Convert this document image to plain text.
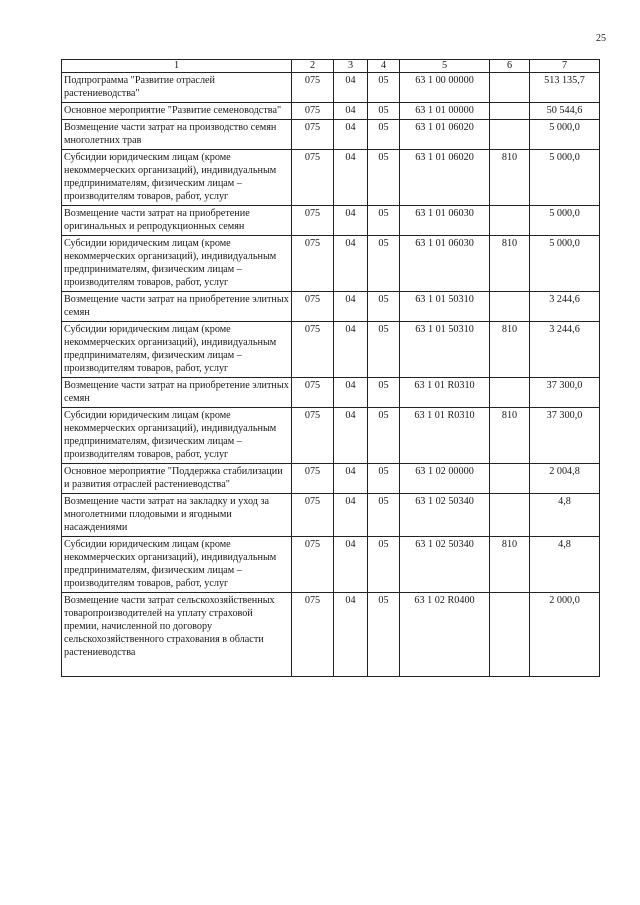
25
1	2	3	4	5	6	7
Подпрограмма "Развитие отраслей растениеводства"	075	04	05	63 1 00 00000		513 135,7
Основное мероприятие "Развитие семеноводства"	075	04	05	63 1 01 00000		50 544,6
Возмещение части затрат на производство семян многолетних трав	075	04	05	63 1 01 06020		5 000,0
Субсидии юридическим лицам (кроме некоммерческих организаций), индивидуальным предпринимателям, физическим лицам – производителям товаров, работ, услуг	075	04	05	63 1 01 06020	810	5 000,0
Возмещение части затрат на приобретение оригинальных и репродукционных семян	075	04	05	63 1 01 06030		5 000,0
Субсидии юридическим лицам (кроме некоммерческих организаций), индивидуальным предпринимателям, физическим лицам – производителям товаров, работ, услуг	075	04	05	63 1 01 06030	810	5 000,0
Возмещение части затрат на приобретение элитных семян	075	04	05	63 1 01 50310		3 244,6
Субсидии юридическим лицам (кроме некоммерческих организаций), индивидуальным предпринимателям, физическим лицам – производителям товаров, работ, услуг	075	04	05	63 1 01 50310	810	3 244,6
Возмещение части затрат на приобретение элитных семян	075	04	05	63 1 01 R0310		37 300,0
Субсидии юридическим лицам (кроме некоммерческих организаций), индивидуальным предпринимателям, физическим лицам – производителям товаров, работ, услуг	075	04	05	63 1 01 R0310	810	37 300,0
Основное мероприятие "Поддержка стабилизации и развития отраслей растениеводства"	075	04	05	63 1 02 00000		2 004,8
Возмещение части затрат на закладку и уход за многолетними плодовыми и ягодными насаждениями	075	04	05	63 1 02 50340		4,8
Субсидии юридическим лицам (кроме некоммерческих организаций), индивидуальным предпринимателям, физическим лицам – производителям товаров, работ, услуг	075	04	05	63 1 02 50340	810	4,8
Возмещение части затрат сельскохозяйственных товаропроизводителей на уплату страховой премии, начисленной по договору сельскохозяйственного страхования в области растениеводства	075	04	05	63 1 02 R0400		2 000,0
